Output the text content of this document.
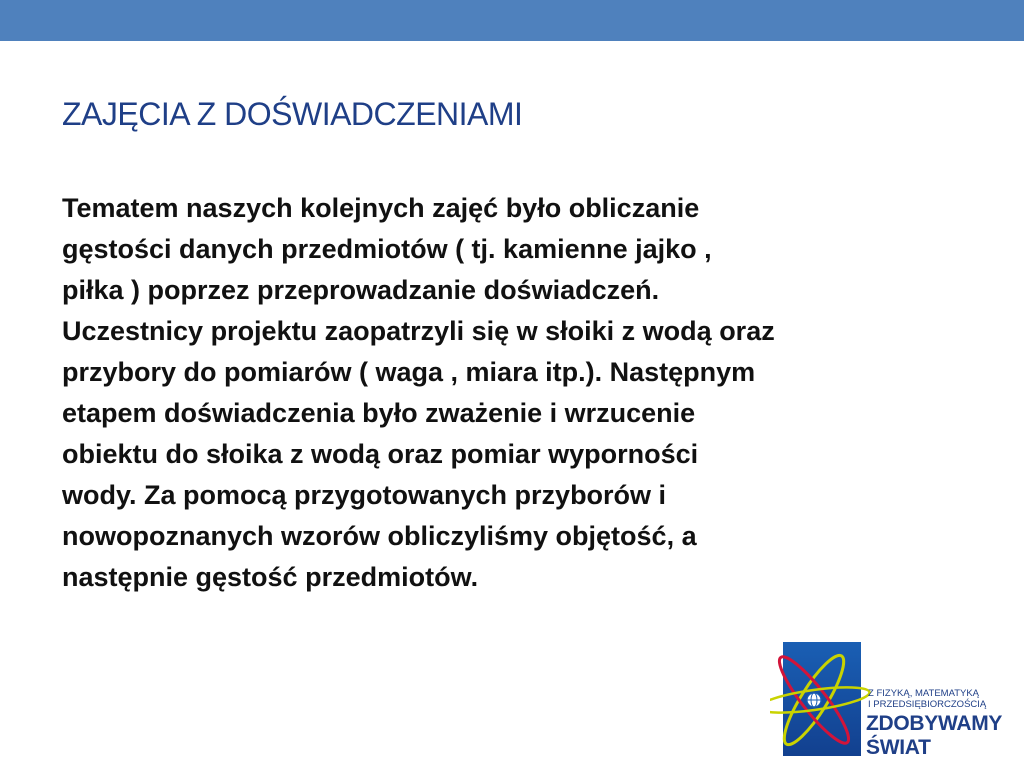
ZAJĘCIA Z DOŚWIADCZENIAMI
Tematem naszych kolejnych zajęć było obliczanie
gęstości danych przedmiotów ( tj. kamienne jajko ,
piłka ) poprzez przeprowadzanie doświadczeń.
Uczestnicy projektu zaopatrzyli się w słoiki z wodą oraz
przybory do pomiarów ( waga , miara itp.). Następnym
etapem doświadczenia było zważenie i wrzucenie
obiektu do słoika z wodą oraz pomiar wyporności
wody. Za pomocą przygotowanych przyborów i
nowopoznanych wzorów obliczyliśmy objętość, a
następnie gęstość przedmiotów.
Z FIZYKĄ, MATEMATYKĄ
I PRZEDSIĘBIORCZOŚCIĄ
ZDOBYWAMY
ŚWIAT
